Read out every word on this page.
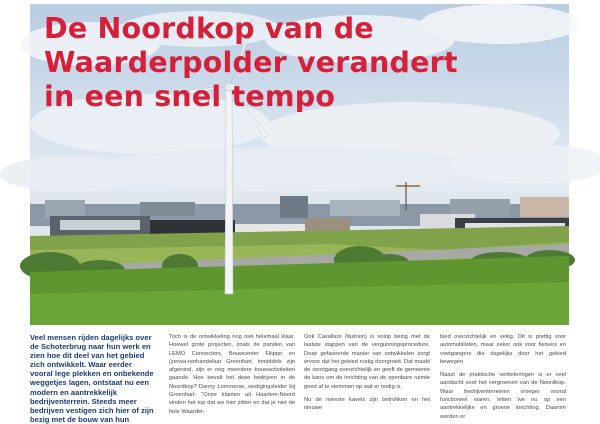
De Noordkop van de
Waarderpolder verandert
in een snel tempo

Veel mensen rijden dagelijks over de Schoterbrug naar hun werk en zien hoe dit deel van het gebied zich ontwikkelt. Waar eerder vooral lege plekken en onbekende weggetjes lagen, ontstaat nu een modern en aantrekkelijk bedrijventerrein. Steeds meer bedrijven vestigen zich hier of zijn bezig met de bouw van hun

Toch is de ontwikkeling nog niet helemaal klaar. Hoewel grote projecten, zoals de panden van LEMO Connectors, Bouwcenter Filippo en (zerwa-renhandelaar Groenhart, inmiddels zijn afgerond, zijn er nog meerdere bouwactiviteiten gaande. Hoe bevalt het deze bedrijven in de Noordkop? Danny Lommerse, vestigingsleider bij Groenhart: "Onze klanten uit Haarlem-Noord vinden het top dat we hier zitten en dat je niet de hele Waarder-

Ook Cavallaro (fashion) is volop bezig met de laatste stappen van de vergunningsprocedure. Deze gefaseerde manier van ontwikkelen zorgt ervoor dat het gebied rustig doorgroeit. Dat maakt de voortgang overzichtelijk en geeft de gemeente de kans om de inrichting van de openbare ruimte goed af te stemmen op wat er nodig is.

Nu de meeste kavels zijn betrokken en het nieuwe

bied overzichtelijk en veilig. Dit is prettig voor automobilisten, maar zeker ook voor fietsers en voetgangers die dagelijks door het gebied bewegen.

Naast de praktische verbeteringen is er veel aandacht voor het vergroenen van de Noordkop. Waar bedrijventerreinen vroeger vooral functioneel waren, letten we nu op een aantrekkelijke en groene inrichting. Daarom worden er
